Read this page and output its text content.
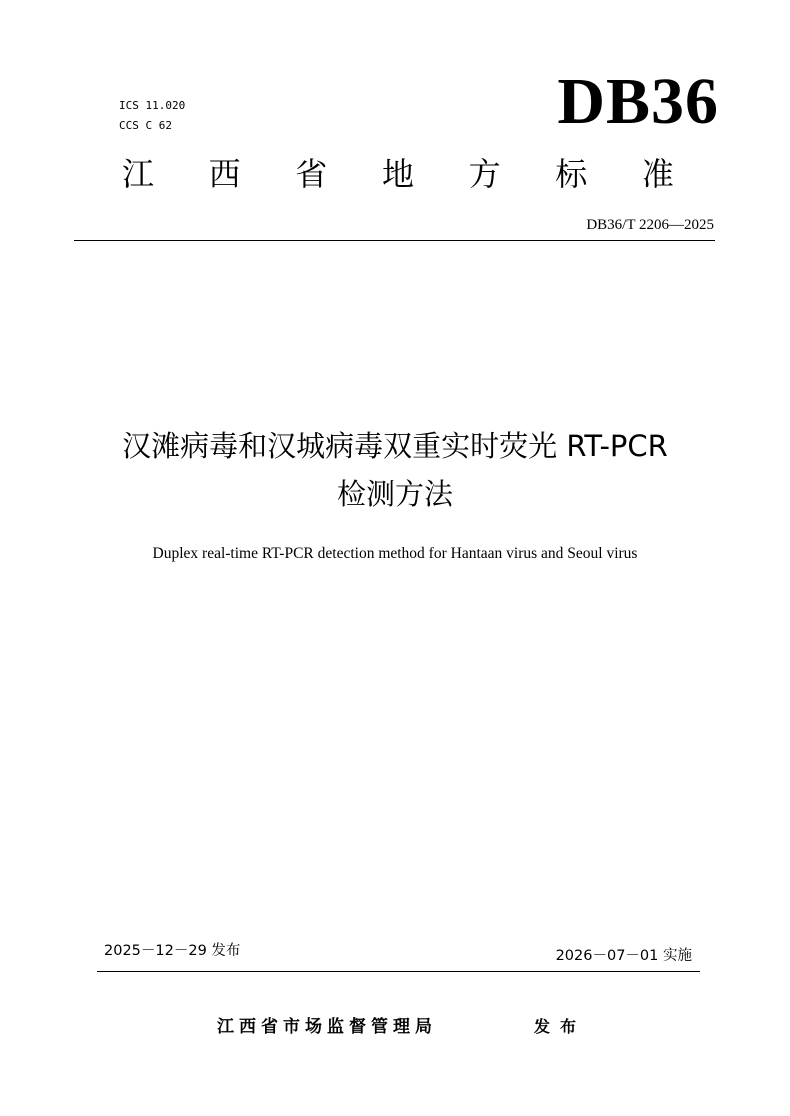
ICS 11.020
CCS C 62	DB36
江 西 省 地 方 标 准
DB36/T 2206—2025
汉滩病毒和汉城病毒双重实时荧光 RT-PCR
检测方法
Duplex real-time RT-PCR detection method for Hantaan virus and Seoul virus
2025－12－29 发布	2026－07－01 实施
江西省市场监督管理局	发布
